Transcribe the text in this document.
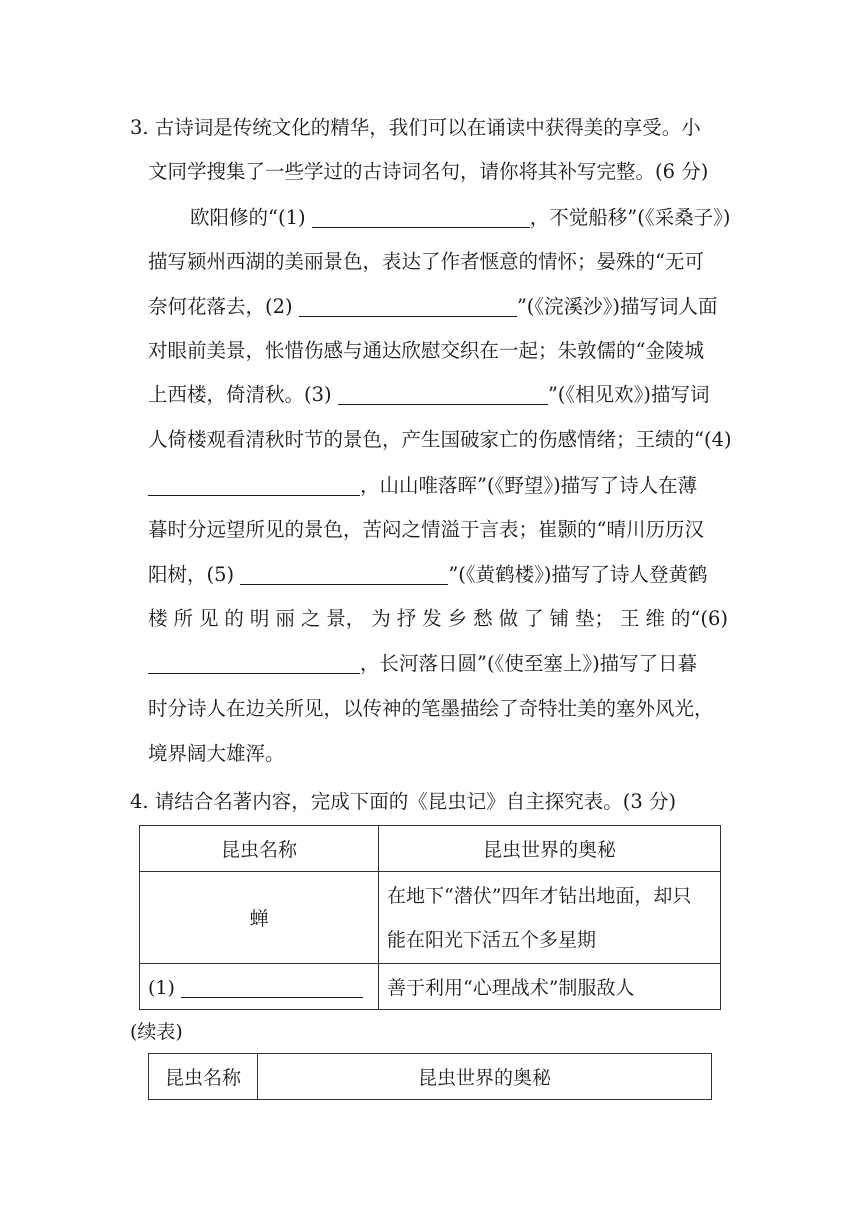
3. 古诗词是传统文化的精华，我们可以在诵读中获得美的享受。小
文同学搜集了一些学过的古诗词名句，请你将其补写完整。(6 分)
欧阳修的“(1)	，不觉船移”(《采桑子》)
描写颍州西湖的美丽景色，表达了作者惬意的情怀；晏殊的“无可
奈何花落去，(2)	”(《浣溪沙》)描写词人面
对眼前美景，怅惜伤感与通达欣慰交织在一起；朱敦儒的“金陵城
上西楼，倚清秋。(3)	”(《相见欢》)描写词
人倚楼观看清秋时节的景色，产生国破家亡的伤感情绪；王绩的“(4)
，山山唯落晖”(《野望》)描写了诗人在薄
暮时分远望所见的景色，苦闷之情溢于言表；崔颢的“晴川历历汉
阳树，(5)	”(《黄鹤楼》)描写了诗人登黄鹤
楼 所 见 的 明 丽 之 景， 为 抒 发 乡 愁 做 了 铺 垫； 王 维 的“(6)
，长河落日圆”(《使至塞上》)描写了日暮
时分诗人在边关所见，以传神的笔墨描绘了奇特壮美的塞外风光，
境界阔大雄浑。
4. 请结合名著内容，完成下面的《昆虫记》自主探究表。(3 分)
昆虫名称	昆虫世界的奥秘
蝉	在地下“潜伏”四年才钻出地面，却只
能在阳光下活五个多星期

(1)	善于利用“心理战术”制服敌人
(续表)
昆虫名称	昆虫世界的奥秘
